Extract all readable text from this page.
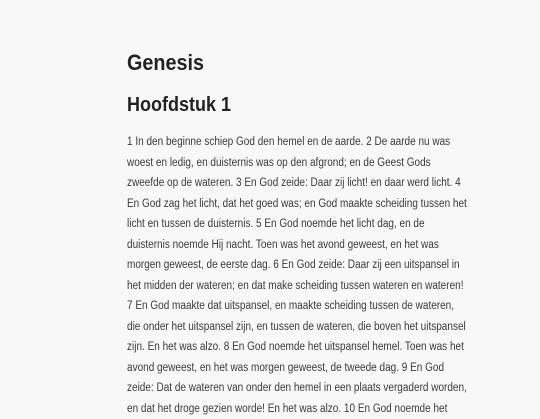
Genesis
Hoofdstuk 1
1 In den beginne schiep God den hemel en de aarde. 2 De aarde nu was
woest en ledig, en duisternis was op den afgrond; en de Geest Gods
zweefde op de wateren. 3 En God zeide: Daar zij licht! en daar werd licht. 4
En God zag het licht, dat het goed was; en God maakte scheiding tussen het
licht en tussen de duisternis. 5 En God noemde het licht dag, en de
duisternis noemde Hij nacht. Toen was het avond geweest, en het was
morgen geweest, de eerste dag. 6 En God zeide: Daar zij een uitspansel in
het midden der wateren; en dat make scheiding tussen wateren en wateren!
7 En God maakte dat uitspansel, en maakte scheiding tussen de wateren,
die onder het uitspansel zijn, en tussen de wateren, die boven het uitspansel
zijn. En het was alzo. 8 En God noemde het uitspansel hemel. Toen was het
avond geweest, en het was morgen geweest, de tweede dag. 9 En God
zeide: Dat de wateren van onder den hemel in een plaats vergaderd worden,
en dat het droge gezien worde! En het was alzo. 10 En God noemde het
